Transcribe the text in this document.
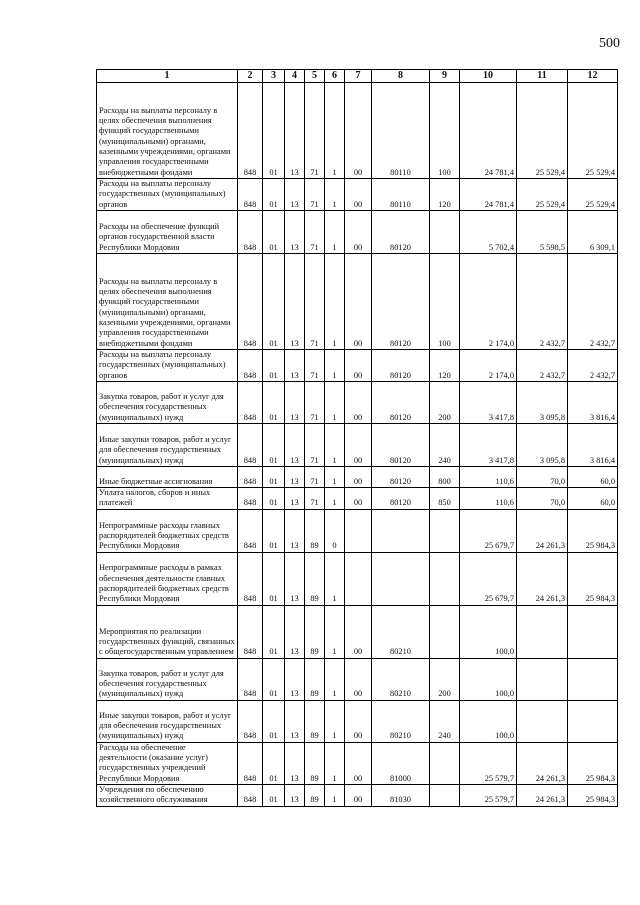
500
1	2	3	4	5	6	7	8	9	10	11	12
Расходы на выплаты персоналу в целях обеспечения выполнения функций государственными (муниципальными) органами, казенными учреждениями, органами управления государственными внебюджетными фондами	848	01	13	71	1	00	80110	100	24 781,4	25 529,4	25 529,4
Расходы на выплаты персоналу государственных (муниципальных) органов	848	01	13	71	1	00	80110	120	24 781,4	25 529,4	25 529,4
Расходы на обеспечение функций органов государственной власти Республики Мордовия	848	01	13	71	1	00	80120		5 702,4	5 598,5	6 309,1
Расходы на выплаты персоналу в целях обеспечения выполнения функций государственными (муниципальными) органами, казенными учреждениями, органами управления государственными внебюджетными фондами	848	01	13	71	1	00	80120	100	2 174,0	2 432,7	2 432,7
Расходы на выплаты персоналу государственных (муниципальных) органов	848	01	13	71	1	00	80120	120	2 174,0	2 432,7	2 432,7
Закупка товаров, работ и услуг для обеспечения государственных (муниципальных) нужд	848	01	13	71	1	00	80120	200	3 417,8	3 095,8	3 816,4
Иные закупки товаров, работ и услуг для обеспечения государственных (муниципальных) нужд	848	01	13	71	1	00	80120	240	3 417,8	3 095,8	3 816,4
Иные бюджетные ассигнования	848	01	13	71	1	00	80120	800	110,6	70,0	60,0
Уплата налогов, сборов и иных платежей	848	01	13	71	1	00	80120	850	110,6	70,0	60,0
Непрограммные расходы главных распорядителей бюджетных средств Республики Мордовия	848	01	13	89	0				25 679,7	24 261,3	25 984,3
Непрограммные расходы в рамках обеспечения деятельности главных распорядителей бюджетных средств Республики Мордовия	848	01	13	89	1				25 679,7	24 261,3	25 984,3
Мероприятия по реализации государственных функций, связанных с общегосударственным управлением	848	01	13	89	1	00	80210		100,0		
Закупка товаров, работ и услуг для обеспечения государственных (муниципальных) нужд	848	01	13	89	1	00	80210	200	100,0		
Иные закупки товаров, работ и услуг для обеспечения государственных (муниципальных) нужд	848	01	13	89	1	00	80210	240	100,0		
Расходы на обеспечение деятельности (оказание услуг) государственных учреждений Республики Мордовия	848	01	13	89	1	00	81000		25 579,7	24 261,3	25 984,3
Учреждения по обеспечению хозяйственного обслуживания	848	01	13	89	1	00	81030		25 579,7	24 261,3	25 984,3
